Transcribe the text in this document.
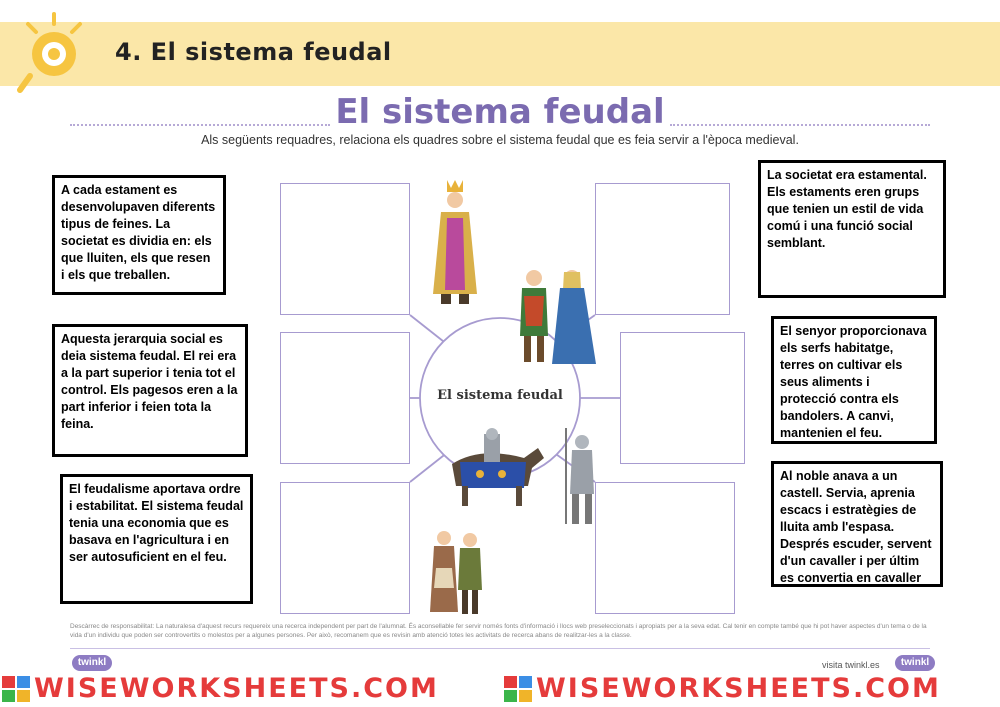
4. El sistema feudal
El sistema feudal
Als següents requadres, relaciona els quadres sobre el sistema feudal que es feia servir a l'època medieval.
El sistema feudal
A cada estament es desenvolupaven diferents tipus de feines. La societat es dividia en: els que lluiten, els que resen i els que treballen.
Aquesta jerarquia social es deia sistema feudal. El rei era a la part superior i tenia tot el control. Els pagesos eren a la part inferior i feien tota la feina.
El feudalisme aportava ordre i estabilitat. El sistema feudal tenia una economia que es basava en l'agricultura i en ser autosuficient en el feu.
La societat era estamental. Els estaments eren grups que tenien un estil de vida comú i una funció social semblant.
El senyor proporcionava els serfs habitatge, terres on cultivar els seus aliments i protecció contra els bandolers. A canvi, mantenien el feu.
Al noble anava a un castell. Servia, aprenia escacs i estratègies de lluita amb l'espasa. Després escuder, servent d'un cavaller i per últim es convertia en cavaller
Descàrrec de responsabilitat: La naturalesa d'aquest recurs requereix una recerca independent per part de l'alumnat. És aconsellable fer servir només fonts d'informació i llocs web preseleccionats i apropiats per a la seva edat. Cal tenir en compte també que hi pot haver aspectes d'un tema o de la vida d'un individu que poden ser controvertits o molestos per a algunes persones. Per això, recomanem que es revisin amb atenció totes les activitats de recerca abans de realitzar-les a la classe.
twinkl	visita twinkl.es	twinkl
WISEWORKSHEETS.COM	WISEWORKSHEETS.COM
